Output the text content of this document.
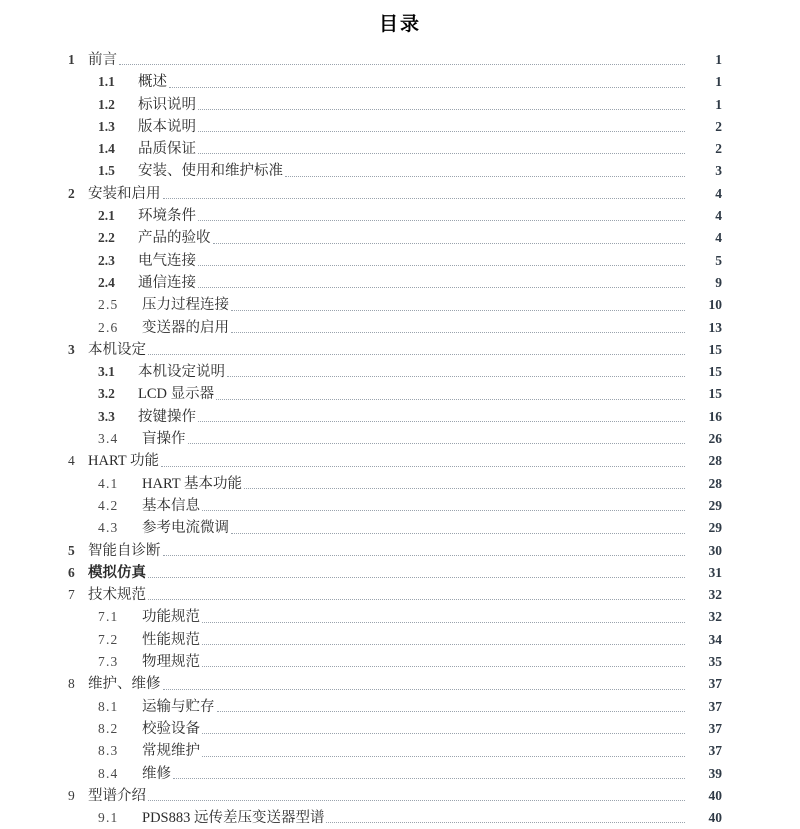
目录
1 前言	1
1.1	概述	1
1.2	标识说明	1
1.3	版本说明	2
1.4	品质保证	2
1.5	安装、使用和维护标准	3
2 安装和启用	4
2.1	环境条件	4
2.2	产品的验收	4
2.3	电气连接	5
2.4	通信连接	9
2.5	压力过程连接	10
2.6	变送器的启用	13
3 本机设定	15
3.1	本机设定说明	15
3.2	LCD 显示器	15
3.3	按键操作	16
3.4	盲操作	26
4 HART 功能	28
4.1	HART 基本功能	28
4.2	基本信息	29
4.3	参考电流微调	29
5 智能自诊断	30
6 模拟仿真	31
7 技术规范	32
7.1	功能规范	32
7.2	性能规范	34
7.3	物理规范	35
8 维护、维修	37
8.1	运输与贮存	37
8.2	校验设备	37
8.3	常规维护	37
8.4	维修	39
9 型谱介绍	40
9.1	PDS883 远传差压变送器型谱	40
